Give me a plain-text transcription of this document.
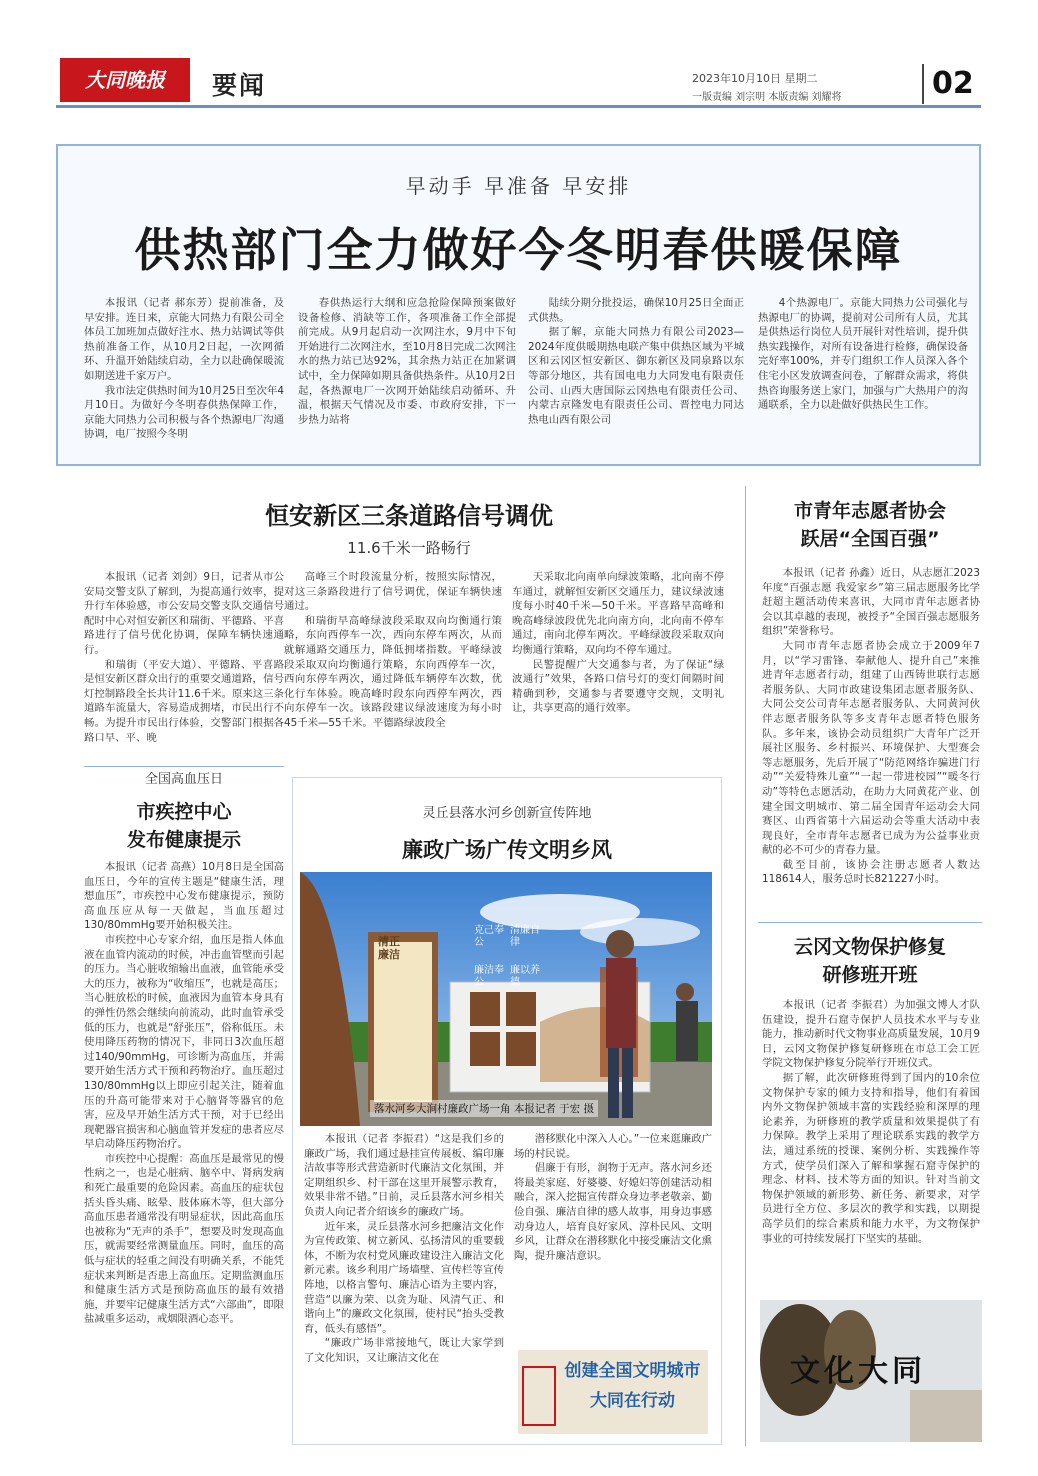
大同晚报	要闻	2023年10月10日 星期二
一版责编 刘宗明 本版责编 刘耀将	02
早动手 早准备 早安排
供热部门全力做好今冬明春供暖保障

本报讯（记者 郝东芳）提前准备，及早安排。连日来，京能大同热力有限公司全体员工加班加点做好注水、热力站调试等供热前准备工作，从10月2日起，一次网循环、升温开始陆续启动，全力以赴确保暖流如期送进千家万户。

我市法定供热时间为10月25日至次年4月10日。为做好今冬明春供热保障工作，京能大同热力公司积极与各个热源电厂沟通协调，电厂按照今冬明

春供热运行大纲和应急抢险保障预案做好设备检修、消缺等工作，各项准备工作全部提前完成。从9月起启动一次网注水，9月中下旬开始进行二次网注水，至10月8日完成二次网注水的热力站已达92%，其余热力站正在加紧调试中，全力保障如期具备供热条件。从10月2日起，各热源电厂一次网开始陆续启动循环、升温，根据天气情况及市委、市政府安排，下一步热力站将

陆续分期分批投运，确保10月25日全面正式供热。

据了解，京能大同热力有限公司2023—2024年度供暖期热电联产集中供热区域为平城区和云冈区恒安新区、御东新区及同泉路以东等部分地区，共有国电电力大同发电有限责任公司、山西大唐国际云冈热电有限责任公司、内蒙古京隆发电有限责任公司、晋控电力同达热电山西有限公司

4个热源电厂。京能大同热力公司强化与热源电厂的协调，提前对公司所有人员，尤其是供热运行岗位人员开展针对性培训，提升供热实践操作，对所有设备进行检修，确保设备完好率100%，并专门组织工作人员深入各个住宅小区发放调查问卷，了解群众需求，将供热咨询服务送上家门，加强与广大热用户的沟通联系，全力以赴做好供热民生工作。

恒安新区三条道路信号调优
11.6千米一路畅行

本报讯（记者 刘剑）9日，记者从市公安局交警支队了解到，为提高通行效率，提升行车体验感，市公安局交警支队交通信号配时中心对恒安新区和瑞街、平德路、平喜路进行了信号优化协调，保障车辆快速通行。

和瑞街（平安大道）、平德路、平喜路是恒安新区群众出行的重要交通道路，信号灯控制路段全长共计11.6千米。原来这三条道路车流量大，容易造成拥堵，市民出行不畅。为提升市民出行体验，交警部门根据各路口早、平、晚

高峰三个时段流量分析，按照实际情况，对这三条路段进行了信号调优，保证车辆快速通过。

和瑞街早高峰绿波段采取双向均衡通行策略，东向西停车一次，西向东停车两次，从而就解通路交通压力，降低拥堵指数。平峰绿波段采取双向均衡通行策略，东向西停车一次，西向东停车两次，通过降低车辆停车次数，优化行车体验。晚高峰时段东向西停车两次，西向东停车一次。该路段建议绿波速度为每小时45千米—55千米。平德路绿波段全

天采取北向南单向绿波策略，北向南不停车通过，就解恒安新区交通压力，建议绿波速度每小时40千米—50千米。平喜路早高峰和晚高峰绿波段优先北向南方向，北向南不停车通过，南向北停车两次。平峰绿波段采取双向均衡通行策略，双向均不停车通过。

民警提醒广大交通参与者，为了保证“绿波通行”效果，各路口信号灯的变灯间隔时间精确到秒，交通参与者要遵守交规，文明礼让，共享更高的通行效率。

全国高血压日
市疾控中心
发布健康提示

本报讯（记者 高燕）10月8日是全国高血压日，今年的宣传主题是“健康生活，理想血压”，市疾控中心发布健康提示，预防高血压应从每一天做起，当血压超过130/80mmHg要开始积极关注。

市疾控中心专家介绍，血压是指人体血液在血管内流动的时候，冲击血管壁而引起的压力。当心脏收缩输出血液，血管能承受大的压力，被称为“收缩压”，也就是高压；当心脏放松的时候，血液因为血管本身具有的弹性仍然会继续向前流动，此时血管承受低的压力，也就是“舒张压”，俗称低压。未使用降压药物的情况下，非同日3次血压超过140/90mmHg，可诊断为高血压，并需要开始生活方式干预和药物治疗。血压超过130/80mmHg以上即应引起关注，随着血压的升高可能带来对于心脑肾等器官的危害，应及早开始生活方式干预，对于已经出现靶器官损害和心脑血管并发症的患者应尽早启动降压药物治疗。

市疾控中心提醒：高血压是最常见的慢性病之一，也是心脏病、脑卒中、肾病发病和死亡最重要的危险因素。高血压的症状包括头昏头痛、眩晕、肢体麻木等，但大部分高血压患者通常没有明显症状，因此高血压也被称为“无声的杀手”，想要及时发现高血压，就需要经常测量血压。同时，血压的高低与症状的轻重之间没有明确关系，不能凭症状来判断是否患上高血压。定期监测血压和健康生活方式是预防高血压的最有效措施，并要牢记健康生活方式“六部曲”，即限盐减重多运动，戒烟限酒心态平。

灵丘县落水河乡创新宣传阵地
廉政广场广传文明乡风
落水河乡大涧村廉政广场一角 本报记者 于宏 摄
清正廉洁
克己奉公
清廉自律
廉洁奉公
廉以养德

本报讯（记者 李振君）“这是我们乡的廉政广场，我们通过悬挂宣传展板、编印廉洁故事等形式营造新时代廉洁文化氛围，并定期组织乡、村干部在这里开展警示教育，效果非常不错。”日前，灵丘县落水河乡相关负责人向记者介绍该乡的廉政广场。

近年来，灵丘县落水河乡把廉洁文化作为宣传政策、树立新风、弘扬清风的重要载体，不断为农村党风廉政建设注入廉洁文化新元素。该乡利用广场墙壁、宣传栏等宣传阵地，以格言警句、廉洁心语为主要内容，营造“以廉为荣、以贪为耻、风清气正、和谐向上”的廉政文化氛围，使村民“抬头受教育，低头有感悟”。

“廉政广场非常接地气，既让大家学到了文化知识，又让廉洁文化在

潜移默化中深入人心。”一位来逛廉政广场的村民说。

倡廉于有形，润物于无声。落水河乡还将最美家庭、好婆婆、好媳妇等创建活动相融合，深入挖掘宣传群众身边孝老敬亲、勤俭自强、廉洁自律的感人故事，用身边事感动身边人，培育良好家风、淳朴民风、文明乡风，让群众在潜移默化中接受廉洁文化熏陶，提升廉洁意识。

创建全国文明城市
大同在行动
市青年志愿者协会
跃居“全国百强”

本报讯（记者 孙鑫）近日，从志愿汇2023年度“百强志愿 我爱家乡”第三届志愿服务比学赶超主题活动传来喜讯，大同市青年志愿者协会以其卓越的表现，被授予“全国百强志愿服务组织”荣誉称号。

大同市青年志愿者协会成立于2009年7月，以“学习雷锋、奉献他人、提升自己”来推进青年志愿者行动，组建了山西铸世联行志愿者服务队、大同市政建设集团志愿者服务队、大同公交公司青年志愿者服务队、大同黄河伙伴志愿者服务队等多支青年志愿者特色服务队。多年来，该协会动员组织广大青年广泛开展社区服务、乡村振兴、环境保护、大型赛会等志愿服务，先后开展了“防范网络诈骗进门行动”“关爱特殊儿童”“一起一带进校园”“暖冬行动”等特色志愿活动，在助力大同黄花产业、创建全国文明城市、第二届全国青年运动会大同赛区、山西省第十六届运动会等重大活动中表现良好，全市青年志愿者已成为为公益事业贡献的必不可少的青春力量。

截至目前，该协会注册志愿者人数达118614人，服务总时长821227小时。

云冈文物保护修复
研修班开班

本报讯（记者 李振君）为加强文博人才队伍建设，提升石窟寺保护人员技术水平与专业能力，推动新时代文物事业高质量发展，10月9日，云冈文物保护修复研修班在市总工会工匠学院文物保护修复分院举行开班仪式。

据了解，此次研修班得到了国内的10余位文物保护专家的倾力支持和指导，他们有着国内外文物保护领域丰富的实践经验和深厚的理论素养，为研修班的教学质量和效果提供了有力保障。教学上采用了理论联系实践的教学方法，通过系统的授课、案例分析、实践操作等方式，使学员们深入了解和掌握石窟寺保护的理念、材料、技术等方面的知识。针对当前文物保护领域的新形势、新任务、新要求，对学员进行全方位、多层次的教学和实践，以期提高学员们的综合素质和能力水平，为文物保护事业的可持续发展打下坚实的基础。

文化大同
